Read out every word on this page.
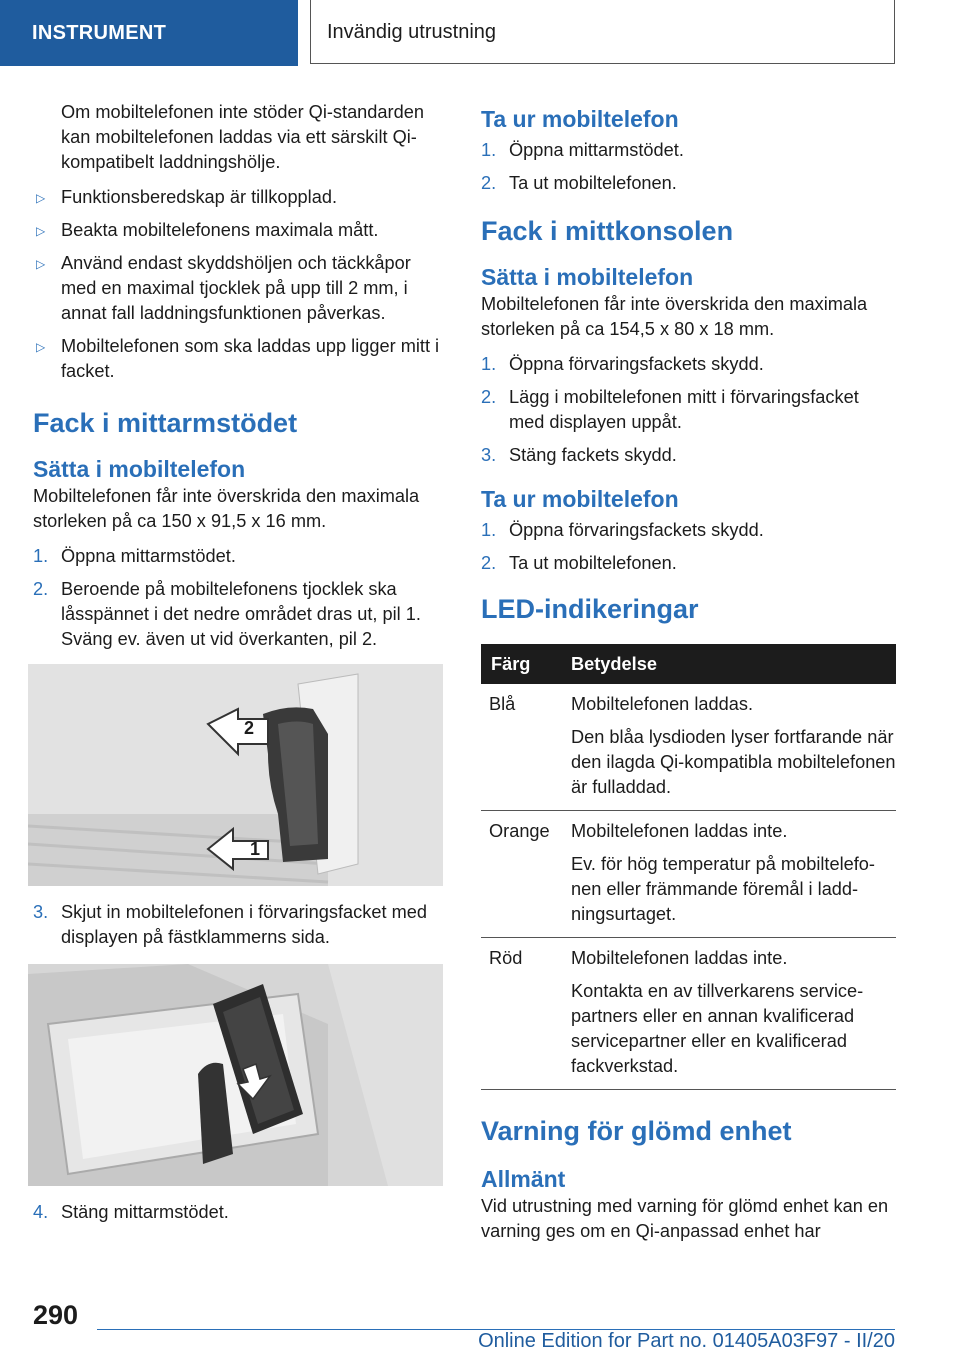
INSTRUMENT	Invändig utrustning

Om mobiltelefonen inte stöder Qi-standarden kan mobiltelefonen laddas via ett särskilt Qi-kompatibelt laddningshölje.

▷ Funktionsberedskap är tillkopplad.
▷ Beakta mobiltelefonens maximala mått.
▷ Använd endast skyddshöljen och täckkåpor med en maximal tjocklek på upp till 2 mm, i annat fall laddningsfunktionen påverkas.
▷ Mobiltelefonen som ska laddas upp ligger mitt i facket.
Fack i mittarmstödet
Sätta i mobiltelefon

Mobiltelefonen får inte överskrida den maximala storleken på ca 150 x 91,5 x 16 mm.

1. Öppna mittarmstödet.
2. Beroende på mobiltelefonens tjocklek ska låsspännet i det nedre området dras ut, pil 1. Sväng ev. även ut vid överkanten, pil 2.
2
1
3. Skjut in mobiltelefonen i förvaringsfacket med displayen på fästklammerns sida.
4. Stäng mittarmstödet.
Ta ur mobiltelefon
1. Öppna mittarmstödet.
2. Ta ut mobiltelefonen.
Fack i mittkonsolen
Sätta i mobiltelefon

Mobiltelefonen får inte överskrida den maximala storleken på ca 154,5 x 80 x 18 mm.

1. Öppna förvaringsfackets skydd.
2. Lägg i mobiltelefonen mitt i förvaringsfacket med displayen uppåt.
3. Stäng fackets skydd.
Ta ur mobiltelefon
1. Öppna förvaringsfackets skydd.
2. Ta ut mobiltelefonen.
LED-indikeringar
Färg	Betydelse
Blå	Mobiltelefonen laddas.

Den blåa lysdioden lyser fortfarande när den ilagda Qi-kompatibla mobiltelefonen är fulladdad.

Orange	Mobiltelefonen laddas inte.

Ev. för hög temperatur på mobiltelefonen eller främmande föremål i laddningsurtaget.

Röd	Mobiltelefonen laddas inte.

Kontakta en av tillverkarens servicepartners eller en annan kvalificerad servicepartner eller en kvalificerad fackverkstad.

Varning för glömd enhet
Allmänt

Vid utrustning med varning för glömd enhet kan en varning ges om en Qi-anpassad enhet har

290
Online Edition for Part no. 01405A03F97 - II/20
